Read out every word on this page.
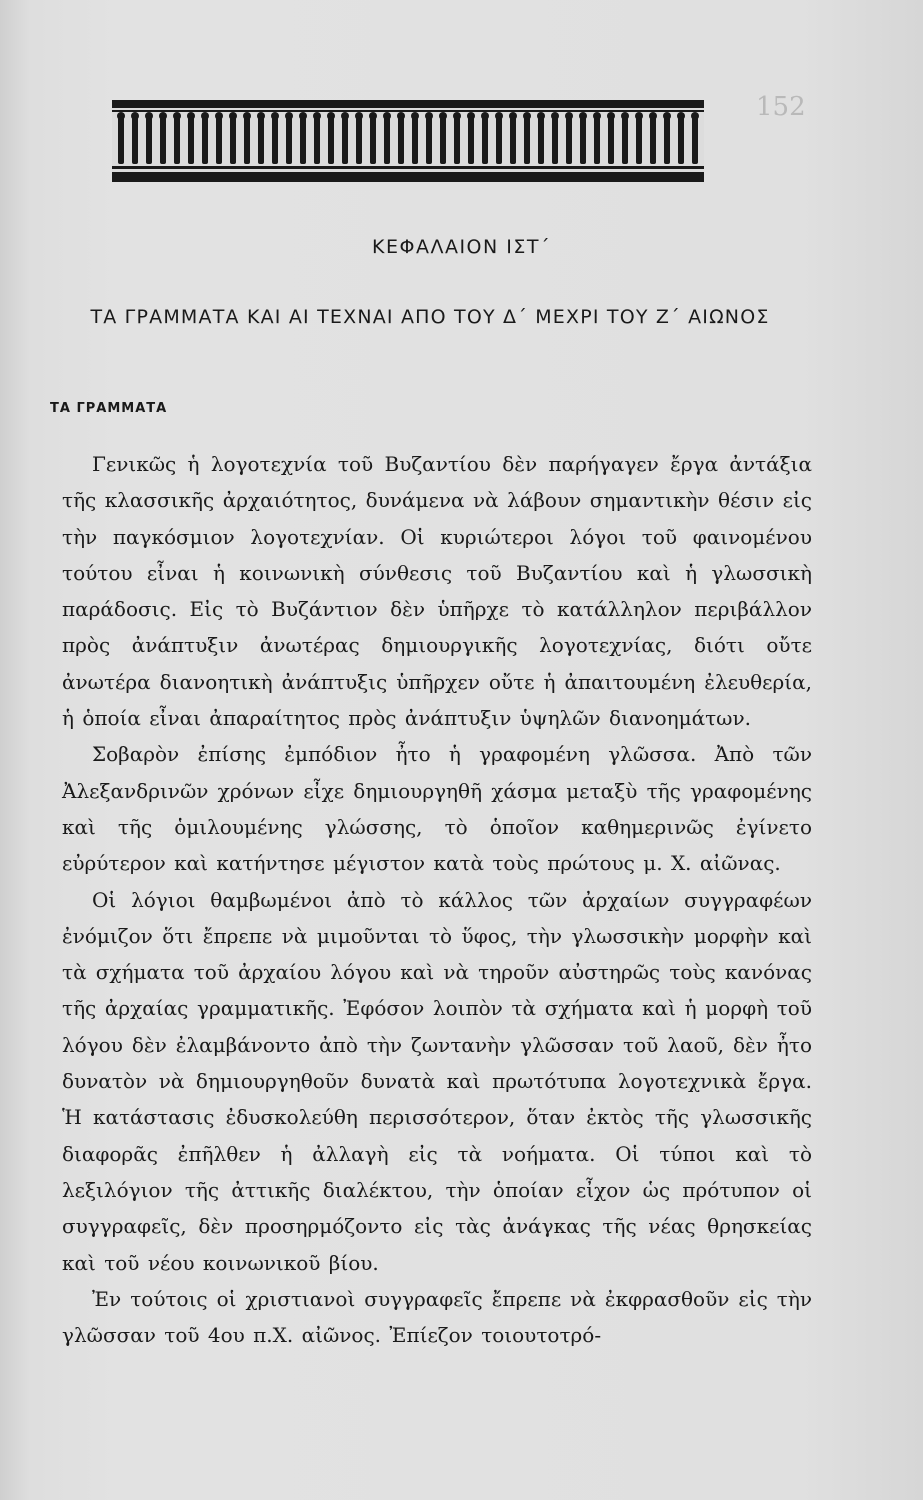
152
ΚΕΦΑΛΑΙΟΝ ΙΣΤ΄
ΤΑ ΓΡΑΜΜΑΤΑ ΚΑΙ ΑΙ ΤΕΧΝΑΙ ΑΠΟ ΤΟΥ Δ΄ ΜΕΧΡΙ ΤΟΥ Ζ΄ ΑΙΩΝΟΣ
ΤΑ ΓΡΑΜΜΑΤΑ

Γενικῶς ἡ λογοτεχνία τοῦ Βυζαντίου δὲν παρήγαγεν ἔργα ἀντάξια τῆς κλασσικῆς ἀρχαιότητος, δυνάμενα νὰ λάβουν σημαντικὴν θέσιν εἰς τὴν παγκόσμιον λογοτεχνίαν. Οἱ κυριώτεροι λόγοι τοῦ φαινομένου τούτου εἶναι ἡ κοινωνικὴ σύνθεσις τοῦ Βυζαντίου καὶ ἡ γλωσσικὴ παράδοσις. Εἰς τὸ Βυζάντιον δὲν ὑπῆρχε τὸ κατάλληλον περιβάλλον πρὸς ἀνάπτυξιν ἀνωτέρας δημιουργικῆς λογοτεχνίας, διότι οὔτε ἀνωτέρα διανοητικὴ ἀνάπτυξις ὑπῆρχεν οὔτε ἡ ἀπαιτουμένη ἐλευθερία, ἡ ὁποία εἶναι ἀπαραίτητος πρὸς ἀνάπτυξιν ὑψηλῶν διανοημάτων.

Σοβαρὸν ἐπίσης ἐμπόδιον ἦτο ἡ γραφομένη γλῶσσα. Ἀπὸ τῶν Ἀλεξανδρινῶν χρόνων εἶχε δημιουργηθῆ χάσμα μεταξὺ τῆς γραφομένης καὶ τῆς ὁμιλουμένης γλώσσης, τὸ ὁποῖον καθημερινῶς ἐγίνετο εὐρύτερον καὶ κατήντησε μέγιστον κατὰ τοὺς πρώτους μ. Χ. αἰῶνας.

Οἱ λόγιοι θαμβωμένοι ἀπὸ τὸ κάλλος τῶν ἀρχαίων συγγραφέων ἐνόμιζον ὅτι ἔπρεπε νὰ μιμοῦνται τὸ ὕφος, τὴν γλωσσικὴν μορφὴν καὶ τὰ σχήματα τοῦ ἀρχαίου λόγου καὶ νὰ τηροῦν αὐστηρῶς τοὺς κανόνας τῆς ἀρχαίας γραμματικῆς. Ἐφόσον λοιπὸν τὰ σχήματα καὶ ἡ μορφὴ τοῦ λόγου δὲν ἐλαμβάνοντο ἀπὸ τὴν ζωντανὴν γλῶσσαν τοῦ λαοῦ, δὲν ἦτο δυνατὸν νὰ δημιουργηθοῦν δυνατὰ καὶ πρωτότυπα λογοτεχνικὰ ἔργα. Ἡ κατάστασις ἐδυσκολεύθη περισσότερον, ὅταν ἐκτὸς τῆς γλωσσικῆς διαφορᾶς ἐπῆλθεν ἡ ἀλλαγὴ εἰς τὰ νοήματα. Οἱ τύποι καὶ τὸ λεξιλόγιον τῆς ἀττικῆς διαλέκτου, τὴν ὁποίαν εἶχον ὡς πρότυπον οἱ συγγραφεῖς, δὲν προσηρμόζοντο εἰς τὰς ἀνάγκας τῆς νέας θρησκείας καὶ τοῦ νέου κοινωνικοῦ βίου.

Ἐν τούτοις οἱ χριστιανοὶ συγγραφεῖς ἔπρεπε νὰ ἐκφρασθοῦν εἰς τὴν γλῶσσαν τοῦ 4ου π.Χ. αἰῶνος. Ἐπίεζον τοιουτοτρό-
